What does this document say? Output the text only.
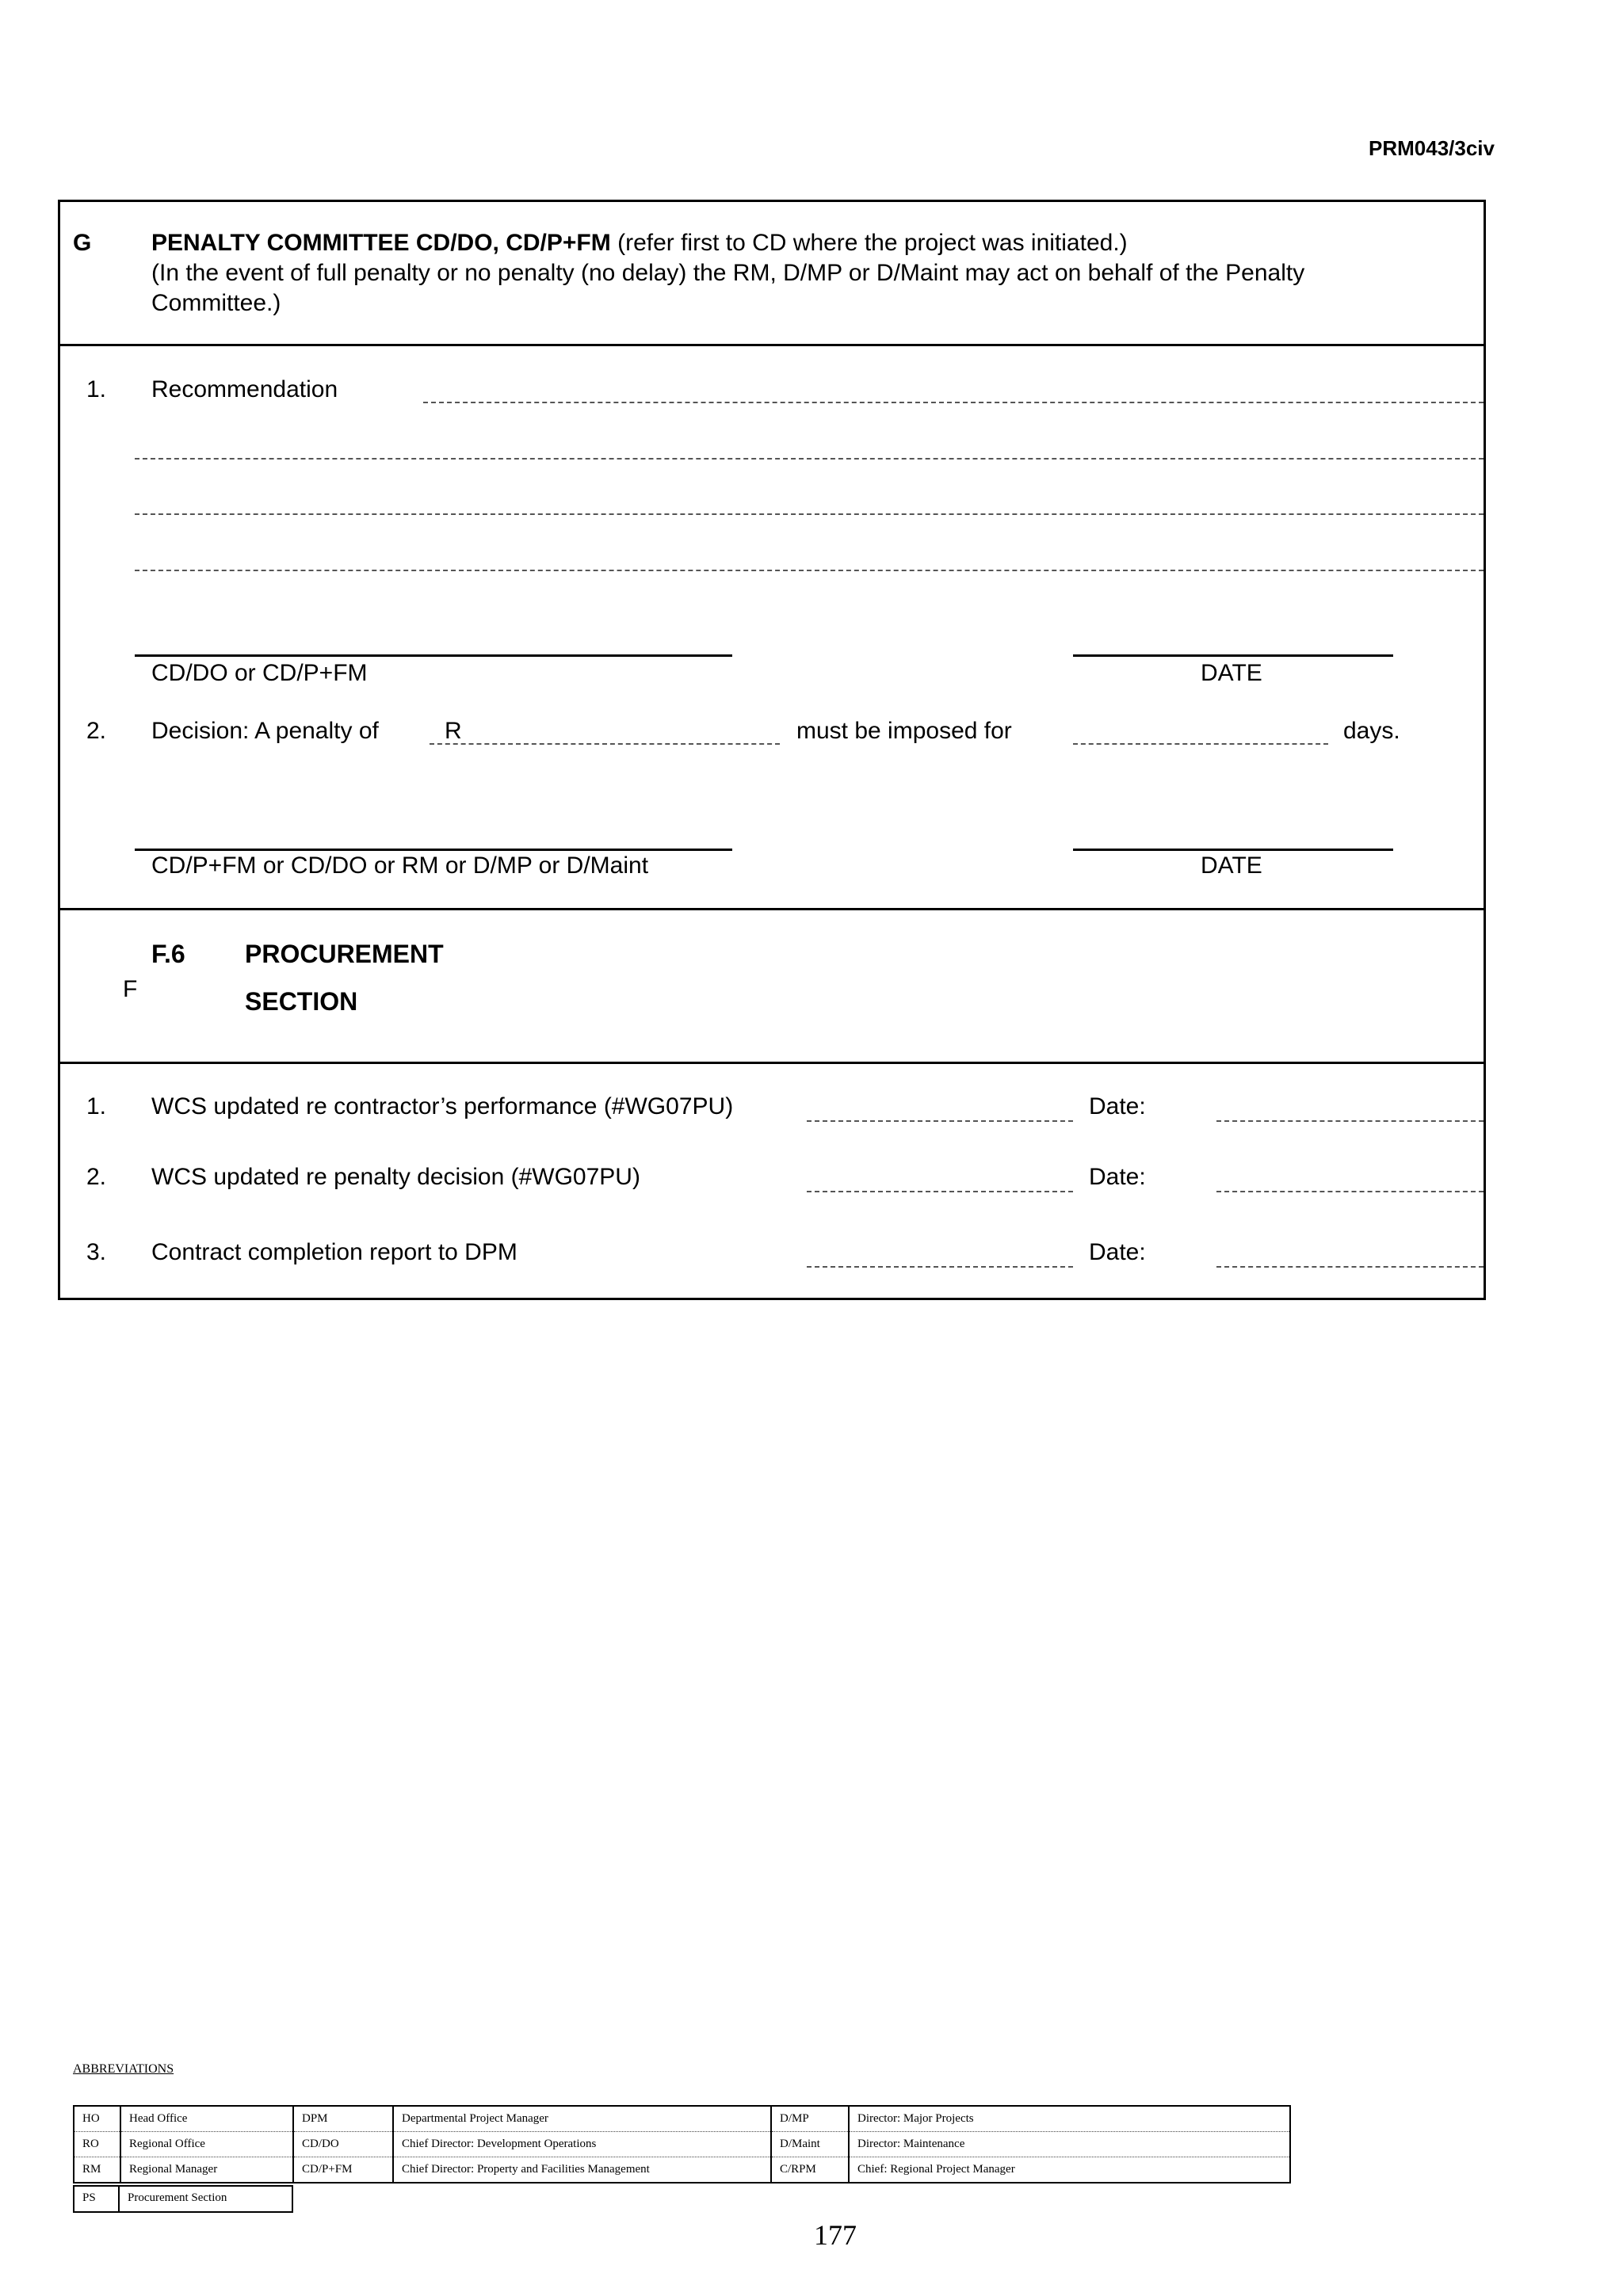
PRM043/3civ
G	PENALTY COMMITTEE CD/DO, CD/P+FM (refer first to CD where the project was initiated.)
(In the event of full penalty or no penalty (no delay) the RM, D/MP or D/Maint may act on behalf of the Penalty
Committee.)
1. Recommendation
CD/DO or CD/P+FM	DATE
2. Decision: A penalty of	R	must be imposed for	days.
CD/P+FM or CD/DO or RM or D/MP or D/Maint	DATE
F
F.6 PROCUREMENT
SECTION
1. WCS updated re contractor’s performance (#WG07PU)	Date:
2. WCS updated re penalty decision (#WG07PU)	Date:
3. Contract completion report to DPM	Date:
ABBREVIATIONS
HO	Head Office	DPM	Departmental Project Manager	D/MP	Director: Major Projects
RO	Regional Office	CD/DO	Chief Director: Development Operations	D/Maint	Director: Maintenance
RM	Regional Manager	CD/P+FM	Chief Director: Property and Facilities Management	C/RPM	Chief: Regional Project Manager
PS	Procurement Section
177
